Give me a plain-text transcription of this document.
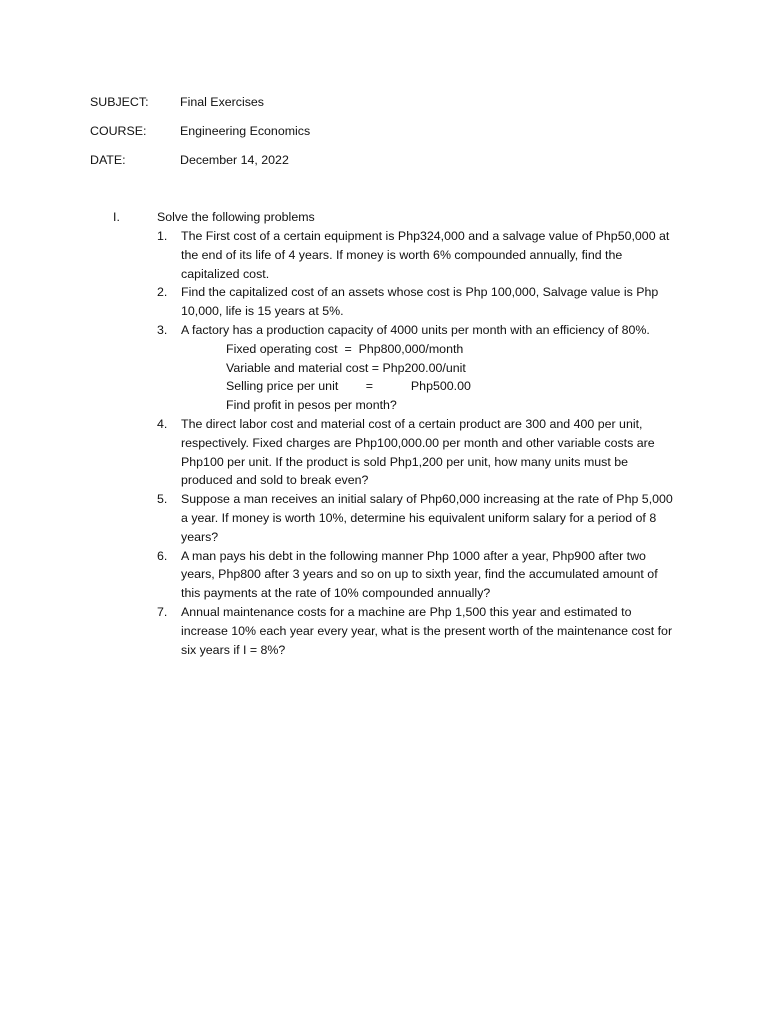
SUBJECT:	Final Exercises
COURSE:	Engineering Economics
DATE:	December 14, 2022
I.	Solve the following problems
1. The First cost of a certain equipment is Php324,000 and a salvage value of Php50,000 at the end of its life of 4 years. If money is worth 6% compounded annually, find the capitalized cost.
2. Find the capitalized cost of an assets whose cost is Php 100,000, Salvage value is Php 10,000, life is 15 years at 5%.
3. A factory has a production capacity of 4000 units per month with an efficiency of 80%.
Fixed operating cost  =  Php800,000/month
Variable and material cost = Php200.00/unit
Selling price per unit        =           Php500.00
Find profit in pesos per month?
4. The direct labor cost and material cost of a certain product are 300 and 400 per unit, respectively. Fixed charges are Php100,000.00 per month and other variable costs are Php100 per unit. If the product is sold Php1,200 per unit, how many units must be produced and sold to break even?
5. Suppose a man receives an initial salary of Php60,000 increasing at the rate of Php 5,000 a year. If money is worth 10%, determine his equivalent uniform salary for a period of 8 years?
6. A man pays his debt in the following manner Php 1000 after a year, Php900 after two years, Php800 after 3 years and so on up to sixth year, find the accumulated amount of this payments at the rate of 10% compounded annually?
7. Annual maintenance costs for a machine are Php 1,500 this year and estimated to increase 10% each year every year, what is the present worth of the maintenance cost for six years if I = 8%?
